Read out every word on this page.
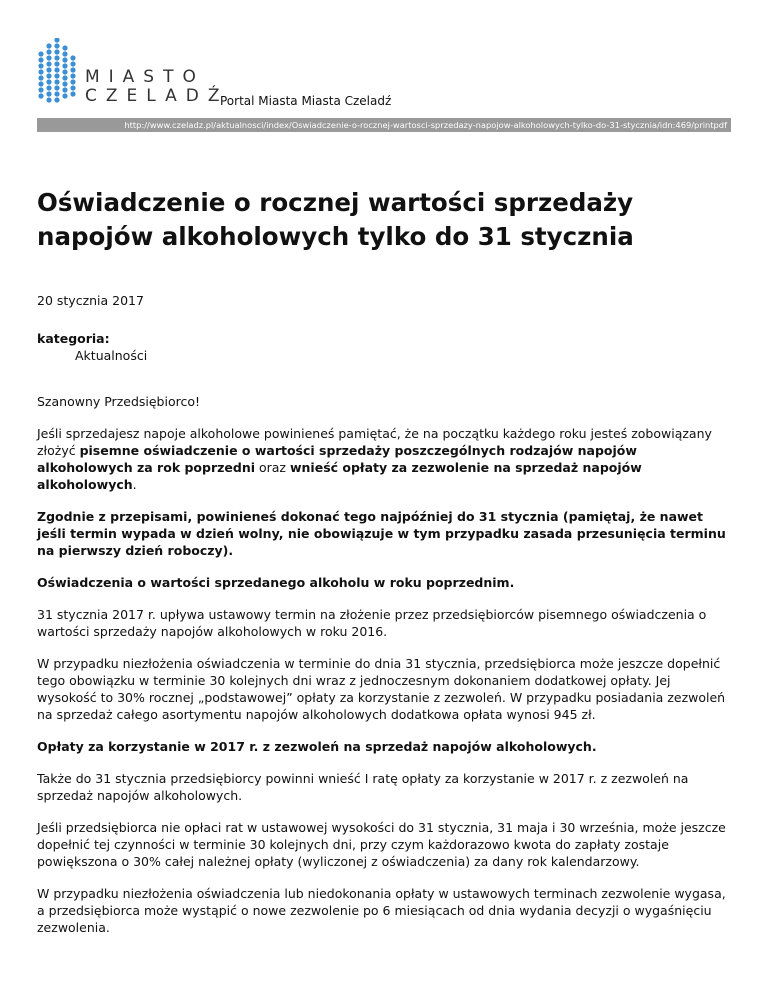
MIASTO
CZELADŹ
Portal Miasta Miasta Czeladź
http://www.czeladz.pl/aktualnosci/index/Oswiadczenie-o-rocznej-wartosci-sprzedazy-napojow-alkoholowych-tylko-do-31-stycznia/idn:469/printpdf
Oświadczenie o rocznej wartości sprzedaży napojów alkoholowych tylko do 31 stycznia
20 stycznia 2017
kategoria:
Aktualności

Szanowny Przedsiębiorco!

Jeśli sprzedajesz napoje alkoholowe powinieneś pamiętać, że na początku każdego roku jesteś zobowiązany złożyć pisemne oświadczenie o wartości sprzedaży poszczególnych rodzajów napojów alkoholowych za rok poprzedni oraz wnieść opłaty za zezwolenie na sprzedaż napojów alkoholowych.

Zgodnie z przepisami, powinieneś dokonać tego najpóźniej do 31 stycznia (pamiętaj, że nawet jeśli termin wypada w dzień wolny, nie obowiązuje w tym przypadku zasada przesunięcia terminu na pierwszy dzień roboczy).

Oświadczenia o wartości sprzedanego alkoholu w roku poprzednim.

31 stycznia 2017 r. upływa ustawowy termin na złożenie przez przedsiębiorców pisemnego oświadczenia o wartości sprzedaży napojów alkoholowych w roku 2016.

W przypadku niezłożenia oświadczenia w terminie do dnia 31 stycznia, przedsiębiorca może jeszcze dopełnić tego obowiązku w terminie 30 kolejnych dni wraz z jednoczesnym dokonaniem dodatkowej opłaty. Jej wysokość to 30% rocznej „podstawowej” opłaty za korzystanie z zezwoleń. W przypadku posiadania zezwoleń na sprzedaż całego asortymentu napojów alkoholowych dodatkowa opłata wynosi 945 zł.

Opłaty za korzystanie w 2017 r. z zezwoleń na sprzedaż napojów alkoholowych.

Także do 31 stycznia przedsiębiorcy powinni wnieść I ratę opłaty za korzystanie w 2017 r. z zezwoleń na sprzedaż napojów alkoholowych.

Jeśli przedsiębiorca nie opłaci rat w ustawowej wysokości do 31 stycznia, 31 maja i 30 września, może jeszcze dopełnić tej czynności w terminie 30 kolejnych dni, przy czym każdorazowo kwota do zapłaty zostaje powiększona o 30% całej należnej opłaty (wyliczonej z oświadczenia) za dany rok kalendarzowy.

W przypadku niezłożenia oświadczenia lub niedokonania opłaty w ustawowych terminach zezwolenie wygasa, a przedsiębiorca może wystąpić o nowe zezwolenie po 6 miesiącach od dnia wydania decyzji o wygaśnięciu zezwolenia.
